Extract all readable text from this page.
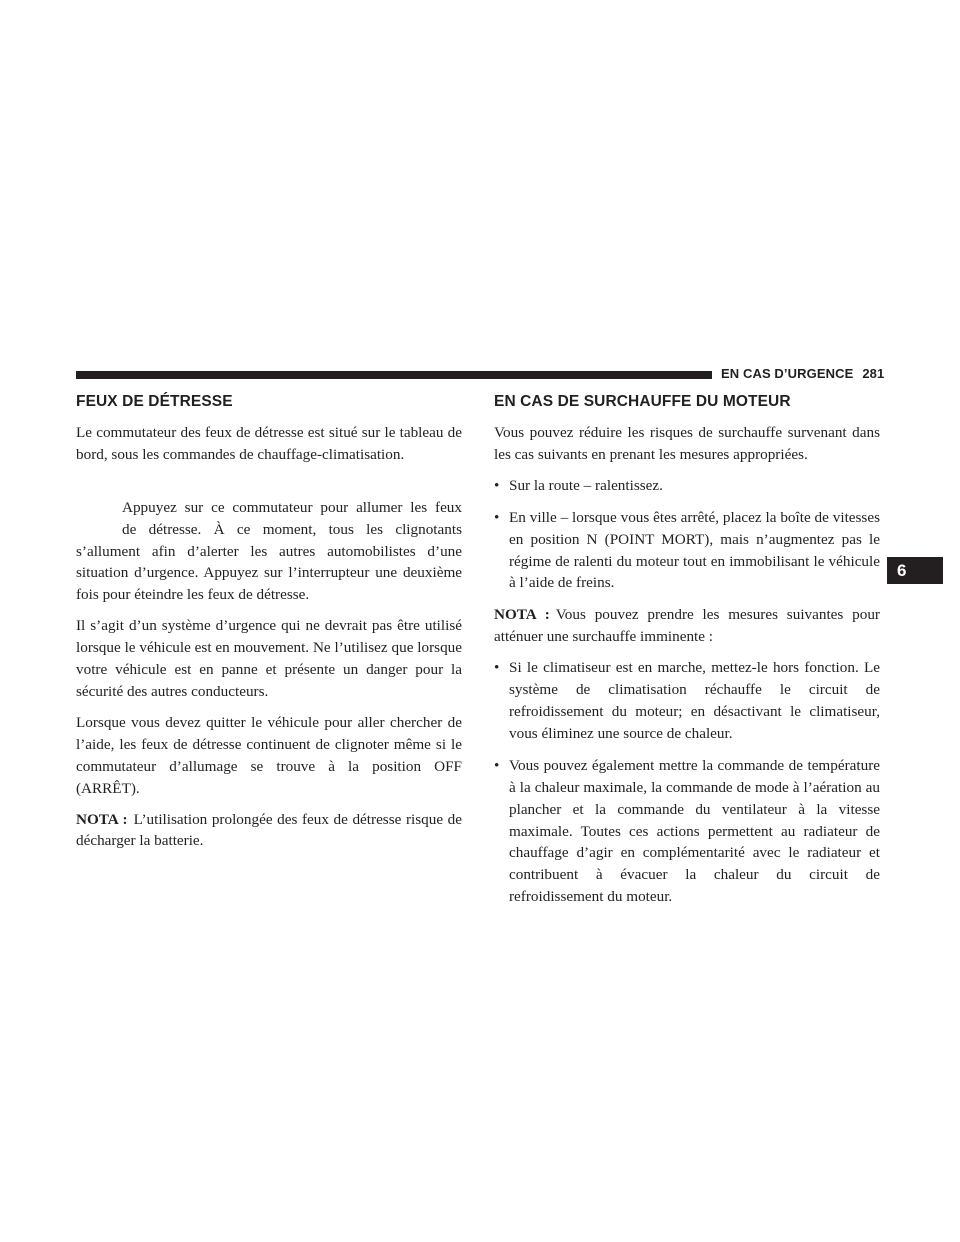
EN CAS D’URGENCE 281
6
FEUX DE DÉTRESSE

Le commutateur des feux de détresse est situé sur le tableau de bord, sous les commandes de chauffage-climatisation.

Appuyez sur ce commutateur pour allumer les feux
de détresse. À ce moment, tous les clignotants
s’allument afin d’alerter les autres automobilistes d’une situation d’urgence. Appuyez sur l’interrupteur une deuxième fois pour éteindre les feux de détresse.

Il s’agit d’un système d’urgence qui ne devrait pas être utilisé lorsque le véhicule est en mouvement. Ne l’utilisez que lorsque votre véhicule est en panne et présente un danger pour la sécurité des autres conducteurs.

Lorsque vous devez quitter le véhicule pour aller chercher de l’aide, les feux de détresse continuent de clignoter même si le commutateur d’allumage se trouve à la position OFF (ARRÊT).

NOTA : L’utilisation prolongée des feux de détresse risque de décharger la batterie.

EN CAS DE SURCHAUFFE DU MOTEUR

Vous pouvez réduire les risques de surchauffe survenant dans les cas suivants en prenant les mesures appropriées.

• Sur la route – ralentissez.
• En ville – lorsque vous êtes arrêté, placez la boîte de vitesses en position N (POINT MORT), mais n’augmentez pas le régime de ralenti du moteur tout en immobilisant le véhicule à l’aide de freins.

NOTA : Vous pouvez prendre les mesures suivantes pour atténuer une surchauffe imminente :

• Si le climatiseur est en marche, mettez-le hors fonction. Le système de climatisation réchauffe le circuit de refroidissement du moteur; en désactivant le climatiseur, vous éliminez une source de chaleur.
• Vous pouvez également mettre la commande de température à la chaleur maximale, la commande de mode à l’aération au plancher et la commande du ventilateur à la vitesse maximale. Toutes ces actions permettent au radiateur de chauffage d’agir en complémentarité avec le radiateur et contribuent à évacuer la chaleur du circuit de refroidissement du moteur.
